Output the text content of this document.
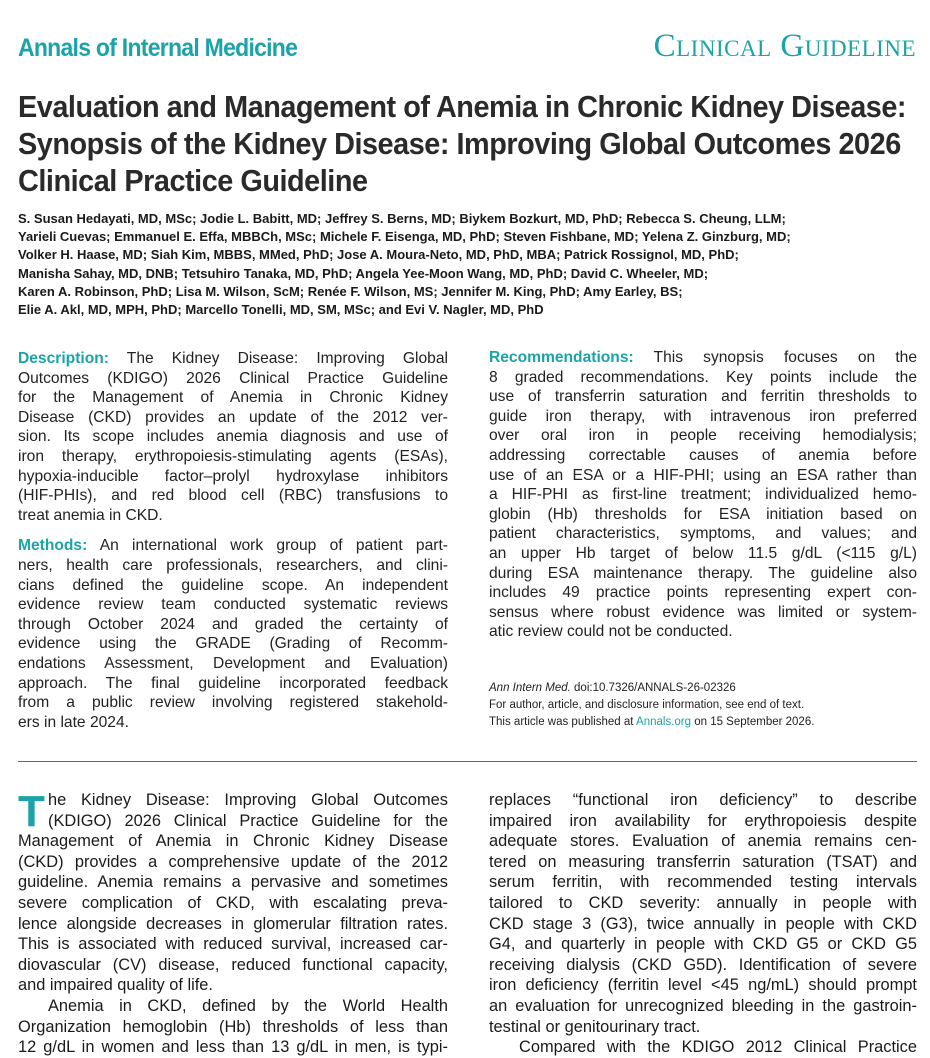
Annals of Internal Medicine	Clinical Guideline
Evaluation and Management of Anemia in Chronic Kidney Disease:
Synopsis of the Kidney Disease: Improving Global Outcomes 2026
Clinical Practice Guideline
S. Susan Hedayati, MD, MSc; Jodie L. Babitt, MD; Jeffrey S. Berns, MD; Biykem Bozkurt, MD, PhD; Rebecca S. Cheung, LLM;
Yarieli Cuevas; Emmanuel E. Effa, MBBCh, MSc; Michele F. Eisenga, MD, PhD; Steven Fishbane, MD; Yelena Z. Ginzburg, MD;
Volker H. Haase, MD; Siah Kim, MBBS, MMed, PhD; Jose A. Moura-Neto, MD, PhD, MBA; Patrick Rossignol, MD, PhD;
Manisha Sahay, MD, DNB; Tetsuhiro Tanaka, MD, PhD; Angela Yee-Moon Wang, MD, PhD; David C. Wheeler, MD;
Karen A. Robinson, PhD; Lisa M. Wilson, ScM; Renée F. Wilson, MS; Jennifer M. King, PhD; Amy Earley, BS;
Elie A. Akl, MD, MPH, PhD; Marcello Tonelli, MD, SM, MSc; and Evi V. Nagler, MD, PhD
Description: The Kidney Disease: Improving Global
Outcomes (KDIGO) 2026 Clinical Practice Guideline
for the Management of Anemia in Chronic Kidney
Disease (CKD) provides an update of the 2012 ver-
sion. Its scope includes anemia diagnosis and use of
iron therapy, erythropoiesis-stimulating agents (ESAs),
hypoxia-inducible factor–prolyl hydroxylase inhibitors
(HIF-PHIs), and red blood cell (RBC) transfusions to
treat anemia in CKD.
Methods: An international work group of patient part-
ners, health care professionals, researchers, and clini-
cians defined the guideline scope. An independent
evidence review team conducted systematic reviews
through October 2024 and graded the certainty of
evidence using the GRADE (Grading of Recomm-
endations Assessment, Development and Evaluation)
approach. The final guideline incorporated feedback
from a public review involving registered stakehold-
ers in late 2024.
Recommendations: This synopsis focuses on the
8 graded recommendations. Key points include the
use of transferrin saturation and ferritin thresholds to
guide iron therapy, with intravenous iron preferred
over oral iron in people receiving hemodialysis;
addressing correctable causes of anemia before
use of an ESA or a HIF-PHI; using an ESA rather than
a HIF-PHI as first-line treatment; individualized hemo-
globin (Hb) thresholds for ESA initiation based on
patient characteristics, symptoms, and values; and
an upper Hb target of below 11.5 g/dL (<115 g/L)
during ESA maintenance therapy. The guideline also
includes 49 practice points representing expert con-
sensus where robust evidence was limited or system-
atic review could not be conducted.
Ann Intern Med. doi:10.7326/ANNALS-26-02326
For author, article, and disclosure information, see end of text.
This article was published at Annals.org on 15 September 2026.
T he Kidney Disease: Improving Global Outcomes
(KDIGO) 2026 Clinical Practice Guideline for the
Management of Anemia in Chronic Kidney Disease
(CKD) provides a comprehensive update of the 2012
guideline. Anemia remains a pervasive and sometimes
severe complication of CKD, with escalating preva-
lence alongside decreases in glomerular filtration rates.
This is associated with reduced survival, increased car-
diovascular (CV) disease, reduced functional capacity,
and impaired quality of life.
Anemia in CKD, defined by the World Health
Organization hemoglobin (Hb) thresholds of less than
12 g/dL in women and less than 13 g/dL in men, is typi-
replaces “functional iron deficiency” to describe
impaired iron availability for erythropoiesis despite
adequate stores. Evaluation of anemia remains cen-
tered on measuring transferrin saturation (TSAT) and
serum ferritin, with recommended testing intervals
tailored to CKD severity: annually in people with
CKD stage 3 (G3), twice annually in people with CKD
G4, and quarterly in people with CKD G5 or CKD G5
receiving dialysis (CKD G5D). Identification of severe
iron deficiency (ferritin level <45 ng/mL) should prompt
an evaluation for unrecognized bleeding in the gastroin-
testinal or genitourinary tract.
Compared with the KDIGO 2012 Clinical Practice
